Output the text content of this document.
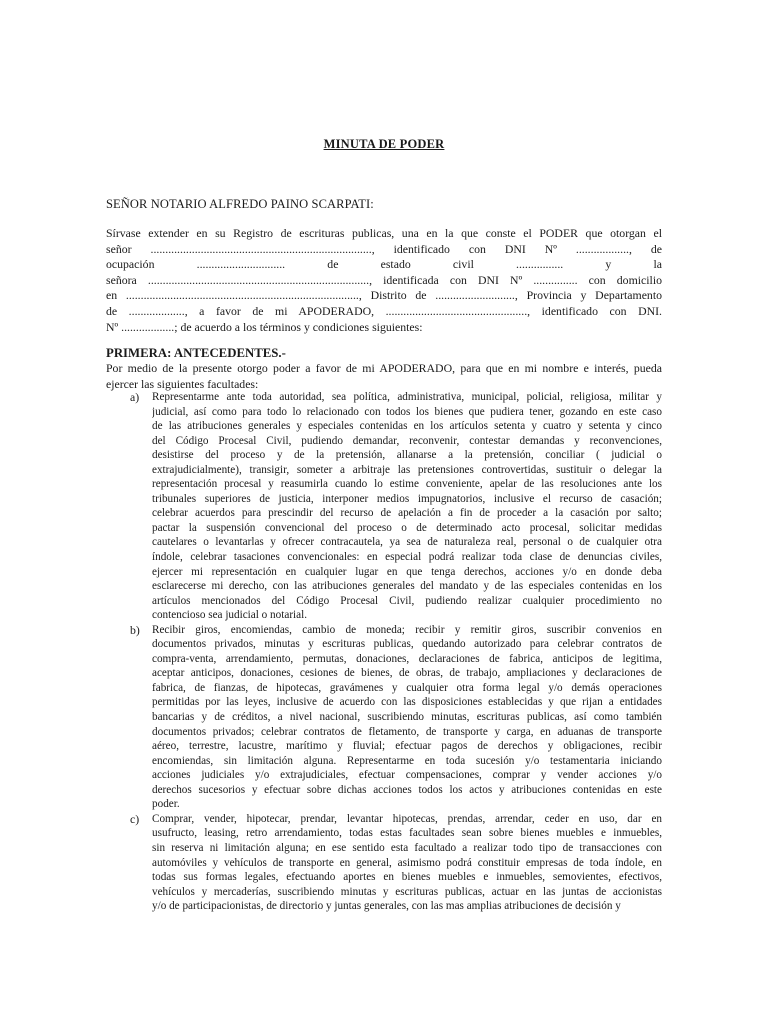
MINUTA DE PODER
SEÑOR NOTARIO ALFREDO PAINO SCARPATI:
Sírvase extender en su Registro de escrituras publicas, una en la que conste el PODER que otorgan el
señor ..........................................................................., identificado con DNI Nº .................., de
ocupación .............................. de estado civil ................ y la
señora ..........................................................................., identificada con DNI Nº ............... con domicilio
en ..............................................................................., Distrito de ..........................., Provincia y Departamento
de ..................., a favor de mi APODERADO, ................................................, identificado con DNI.
Nº ..................; de acuerdo a los términos y condiciones siguientes:
PRIMERA: ANTECEDENTES.-
Por medio de la presente otorgo poder a favor de mi APODERADO, para que en mi nombre e interés, pueda
ejercer las siguientes facultades:
a) Representarme ante toda autoridad, sea política, administrativa, municipal, policial, religiosa, militar y
judicial, así como para todo lo relacionado con todos los bienes que pudiera tener, gozando en este caso
de las atribuciones generales y especiales contenidas en los artículos setenta y cuatro y setenta y cinco
del Código Procesal Civil, pudiendo demandar, reconvenir, contestar demandas y reconvenciones,
desistirse del proceso y de la pretensión, allanarse a la pretensión, conciliar ( judicial o
extrajudicialmente), transigir, someter a arbitraje las pretensiones controvertidas, sustituir o delegar la
representación procesal y reasumirla cuando lo estime conveniente, apelar de las resoluciones ante los
tribunales superiores de justicia, interponer medios impugnatorios, inclusive el recurso de casación;
celebrar acuerdos para prescindir del recurso de apelación a fin de proceder a la casación por salto;
pactar la suspensión convencional del proceso o de determinado acto procesal, solicitar medidas
cautelares o levantarlas y ofrecer contracautela, ya sea de naturaleza real, personal o de cualquier otra
índole, celebrar tasaciones convencionales: en especial podrá realizar toda clase de denuncias civiles,
ejercer mi representación en cualquier lugar en que tenga derechos, acciones y/o en donde deba
esclarecerse mi derecho, con las atribuciones generales del mandato y de las especiales contenidas en los
artículos mencionados del Código Procesal Civil, pudiendo realizar cualquier procedimiento no
contencioso sea judicial o notarial.
b) Recibir giros, encomiendas, cambio de moneda; recibir y remitir giros, suscribir convenios en
documentos privados, minutas y escrituras publicas, quedando autorizado para celebrar contratos de
compra-venta, arrendamiento, permutas, donaciones, declaraciones de fabrica, anticipos de legitima,
aceptar anticipos, donaciones, cesiones de bienes, de obras, de trabajo, ampliaciones y declaraciones de
fabrica, de fianzas, de hipotecas, gravámenes y cualquier otra forma legal y/o demás operaciones
permitidas por las leyes, inclusive de acuerdo con las disposiciones establecidas y que rijan a entidades
bancarias y de créditos, a nivel nacional, suscribiendo minutas, escrituras publicas, así como también
documentos privados; celebrar contratos de fletamento, de transporte y carga, en aduanas de transporte
aéreo, terrestre, lacustre, marítimo y fluvial; efectuar pagos de derechos y obligaciones, recibir
encomiendas, sin limitación alguna. Representarme en toda sucesión y/o testamentaria iniciando
acciones judiciales y/o extrajudiciales, efectuar compensaciones, comprar y vender acciones y/o
derechos sucesorios y efectuar sobre dichas acciones todos los actos y atribuciones contenidas en este
poder.
c) Comprar, vender, hipotecar, prendar, levantar hipotecas, prendas, arrendar, ceder en uso, dar en
usufructo, leasing, retro arrendamiento, todas estas facultades sean sobre bienes muebles e inmuebles,
sin reserva ni limitación alguna; en ese sentido esta facultado a realizar todo tipo de transacciones con
automóviles y vehículos de transporte en general, asimismo podrá constituir empresas de toda índole, en
todas sus formas legales, efectuando aportes en bienes muebles e inmuebles, semovientes, efectivos,
vehículos y mercaderías, suscribiendo minutas y escrituras publicas, actuar en las juntas de accionistas
y/o de participacionistas, de directorio y juntas generales, con las mas amplias atribuciones de decisión y
